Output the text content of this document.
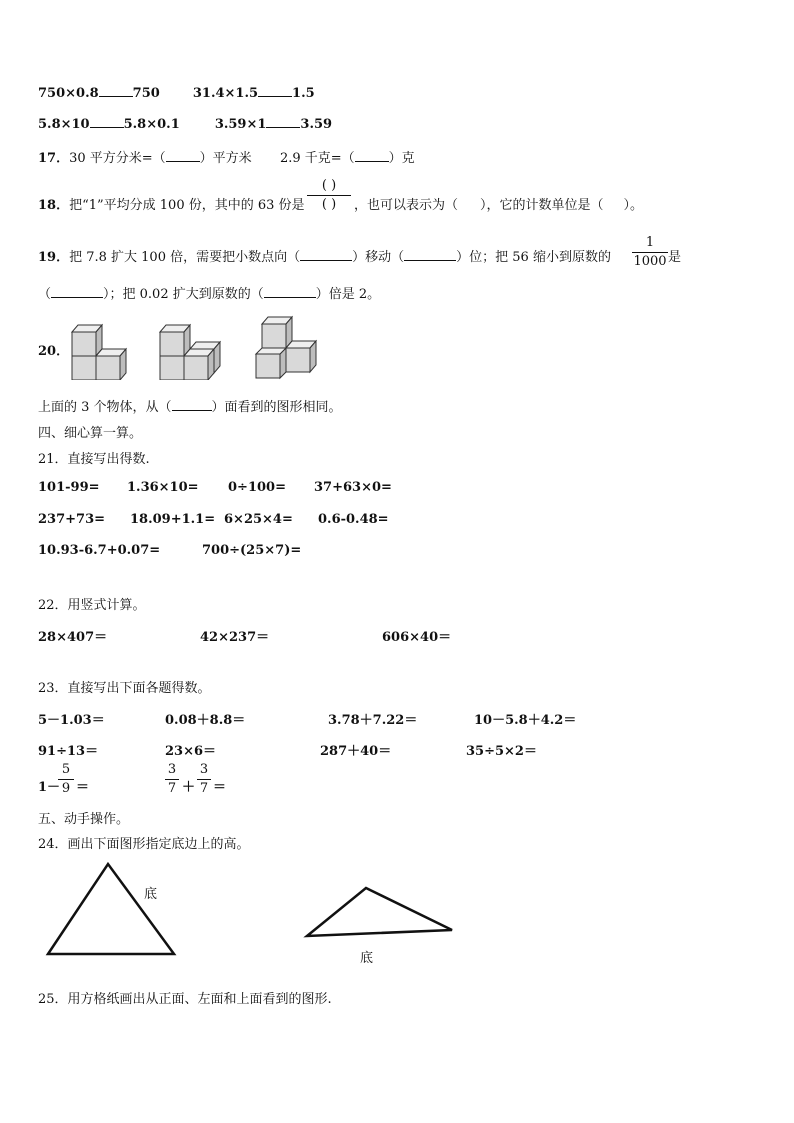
750×0.8	750	31.4×1.5	1.5
5.8×10	5.8×0.1	3.59×1	3.59
17．30 平方分米=（	）平方米 2.9 千克=（	）克
18．把“1”平均分成 100 份，其中的 63 份是
( )
( )	，也可以表示为（ ），它的计数单位是（ ）。
19．把 7.8 扩大 100 倍，需要把小数点向（	）移动（	）位；把 56 缩小到原数的
1
1000 是
（	）；把 0.02 扩大到原数的（	）倍是 2。
20．
上面的 3 个物体，从（	）面看到的图形相同。
四、细心算一算。
21．直接写出得数.
101-99= 1.36×10= 0÷100= 37+63×0=
237+73= 18.09+1.1= 6×25×4= 0.6-0.48=
10.93-6.7+0.07=	700÷(25×7)=
22．用竖式计算。
28×407＝	42×237＝	606×40＝
23．直接写出下面各题得数。
5－1.03＝	0.08＋8.8＝	3.78＋7.22＝	10－5.8＋4.2＝
91÷13＝	23×6＝	287＋40＝	35÷5×2＝
1－
5
9 ＝
3
7 ＋
3
7 ＝
五、动手操作。
24．画出下面图形指定底边上的高。
底
底
25．用方格纸画出从正面、左面和上面看到的图形.
